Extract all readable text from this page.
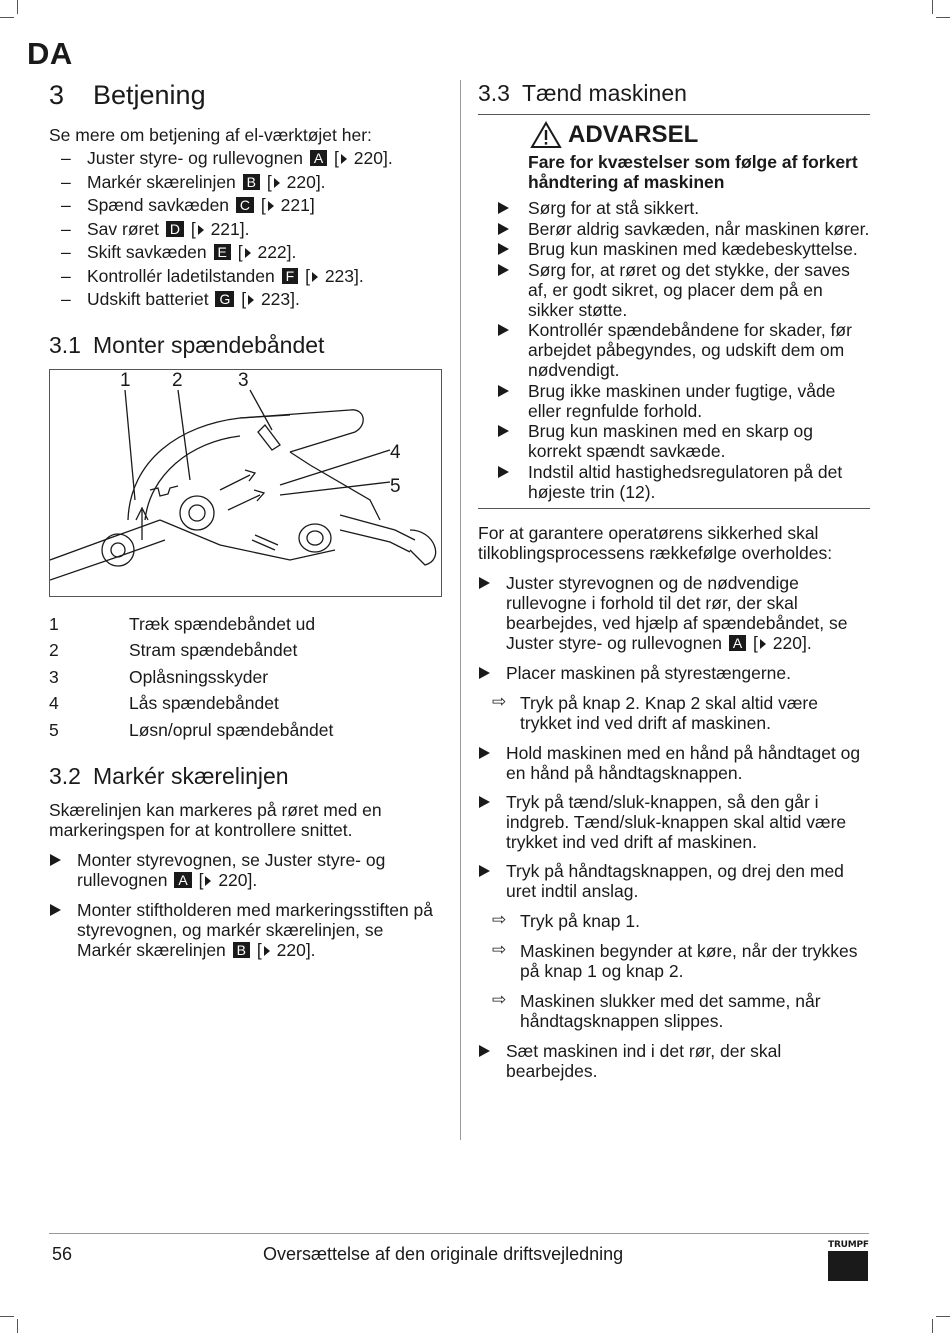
DA
3 Betjening

Se mere om betjening af el-værktøjet her:

– Juster styre- og rullevognen A [ 220].
– Markér skærelinjen B [ 220].
– Spænd savkæden C [ 221]
– Sav røret D [ 221].
– Skift savkæden E [ 222].
– Kontrollér ladetilstanden F [ 223].
– Udskift batteriet G [ 223].
3.1 Monter spændebåndet
1 2	3
4
5
1	Træk spændebåndet ud
2	Stram spændebåndet
3	Oplåsningsskyder
4	Lås spændebåndet
5	Løsn/oprul spændebåndet
3.2 Markér skærelinjen

Skærelinjen kan markeres på røret med en markeringspen for at kontrollere snittet.

Monter styrevognen, se Juster styre- og rullevognen A [ 220].
Monter stiftholderen med markeringsstiften på styrevognen, og markér skærelinjen, se Markér skærelinjen B [ 220].
3.3 Tænd maskinen
ADVARSEL
Fare for kvæstelser som følge af forkert håndtering af maskinen
Sørg for at stå sikkert.
Berør aldrig savkæden, når maskinen kører.
Brug kun maskinen med kædebeskyttelse.
Sørg for, at røret og det stykke, der saves af, er godt sikret, og placer dem på en sikker støtte.
Kontrollér spændebåndene for skader, før arbejdet påbegyndes, og udskift dem om nødvendigt.
Brug ikke maskinen under fugtige, våde eller regnfulde forhold.
Brug kun maskinen med en skarp og korrekt spændt savkæde.
Indstil altid hastighedsregulatoren på det højeste trin (12).

For at garantere operatørens sikkerhed skal tilkoblingsprocessens rækkefølge overholdes:

Juster styrevognen og de nødvendige rullevogne i forhold til det rør, der skal bearbejdes, ved hjælp af spændebåndet, se Juster styre- og rullevognen A [ 220].
Placer maskinen på styrestængerne.
⇨ Tryk på knap 2. Knap 2 skal altid være trykket ind ved drift af maskinen.
Hold maskinen med en hånd på håndtaget og en hånd på håndtagsknappen.
Tryk på tænd/sluk-knappen, så den går i indgreb. Tænd/sluk-knappen skal altid være trykket ind ved drift af maskinen.
Tryk på håndtagsknappen, og drej den med uret indtil anslag.
⇨ Tryk på knap 1.
⇨ Maskinen begynder at køre, når der trykkes på knap 1 og knap 2.
⇨ Maskinen slukker med det samme, når håndtagsknappen slippes.
Sæt maskinen ind i det rør, der skal bearbejdes.
56	Oversættelse af den originale driftsvejledning	TRUMPF
